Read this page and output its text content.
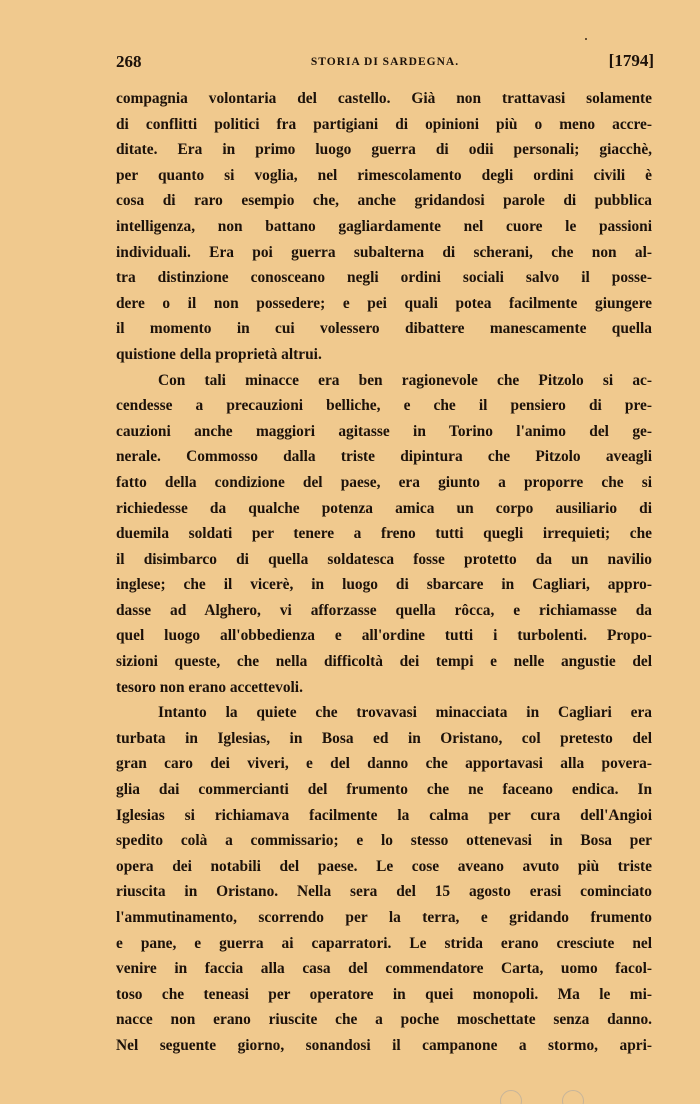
268	STORIA DI SARDEGNA.	[1794]
compagnia volontaria del castello. Già non trattavasi solamente
di conflitti politici fra partigiani di opinioni più o meno accre-
ditate. Era in primo luogo guerra di odii personali; giacchè,
per quanto si voglia, nel rimescolamento degli ordini civili è
cosa di raro esempio che, anche gridandosi parole di pubblica
intelligenza, non battano gagliardamente nel cuore le passioni
individuali. Era poi guerra subalterna di scherani, che non al-
tra distinzione conosceano negli ordini sociali salvo il posse-
dere o il non possedere; e pei quali potea facilmente giungere
il momento in cui volessero dibattere manescamente quella
quistione della proprietà altrui.
Con tali minacce era ben ragionevole che Pitzolo si ac-
cendesse a precauzioni belliche, e che il pensiero di pre-
cauzioni anche maggiori agitasse in Torino l'animo del ge-
nerale. Commosso dalla triste dipintura che Pitzolo aveagli
fatto della condizione del paese, era giunto a proporre che si
richiedesse da qualche potenza amica un corpo ausiliario di
duemila soldati per tenere a freno tutti quegli irrequieti; che
il disimbarco di quella soldatesca fosse protetto da un navilio
inglese; che il vicerè, in luogo di sbarcare in Cagliari, appro-
dasse ad Alghero, vi afforzasse quella rôcca, e richiamasse da
quel luogo all'obbedienza e all'ordine tutti i turbolenti. Propo-
sizioni queste, che nella difficoltà dei tempi e nelle angustie del
tesoro non erano accettevoli.
Intanto la quiete che trovavasi minacciata in Cagliari era
turbata in Iglesias, in Bosa ed in Oristano, col pretesto del
gran caro dei viveri, e del danno che apportavasi alla povera-
glia dai commercianti del frumento che ne faceano endica. In
Iglesias si richiamava facilmente la calma per cura dell'Angioi
spedito colà a commissario; e lo stesso ottenevasi in Bosa per
opera dei notabili del paese. Le cose aveano avuto più triste
riuscita in Oristano. Nella sera del 15 agosto erasi cominciato
l'ammutinamento, scorrendo per la terra, e gridando frumento
e pane, e guerra ai caparratori. Le strida erano cresciute nel
venire in faccia alla casa del commendatore Carta, uomo facol-
toso che teneasi per operatore in quei monopoli. Ma le mi-
nacce non erano riuscite che a poche moschettate senza danno.
Nel seguente giorno, sonandosi il campanone a stormo, apri-
